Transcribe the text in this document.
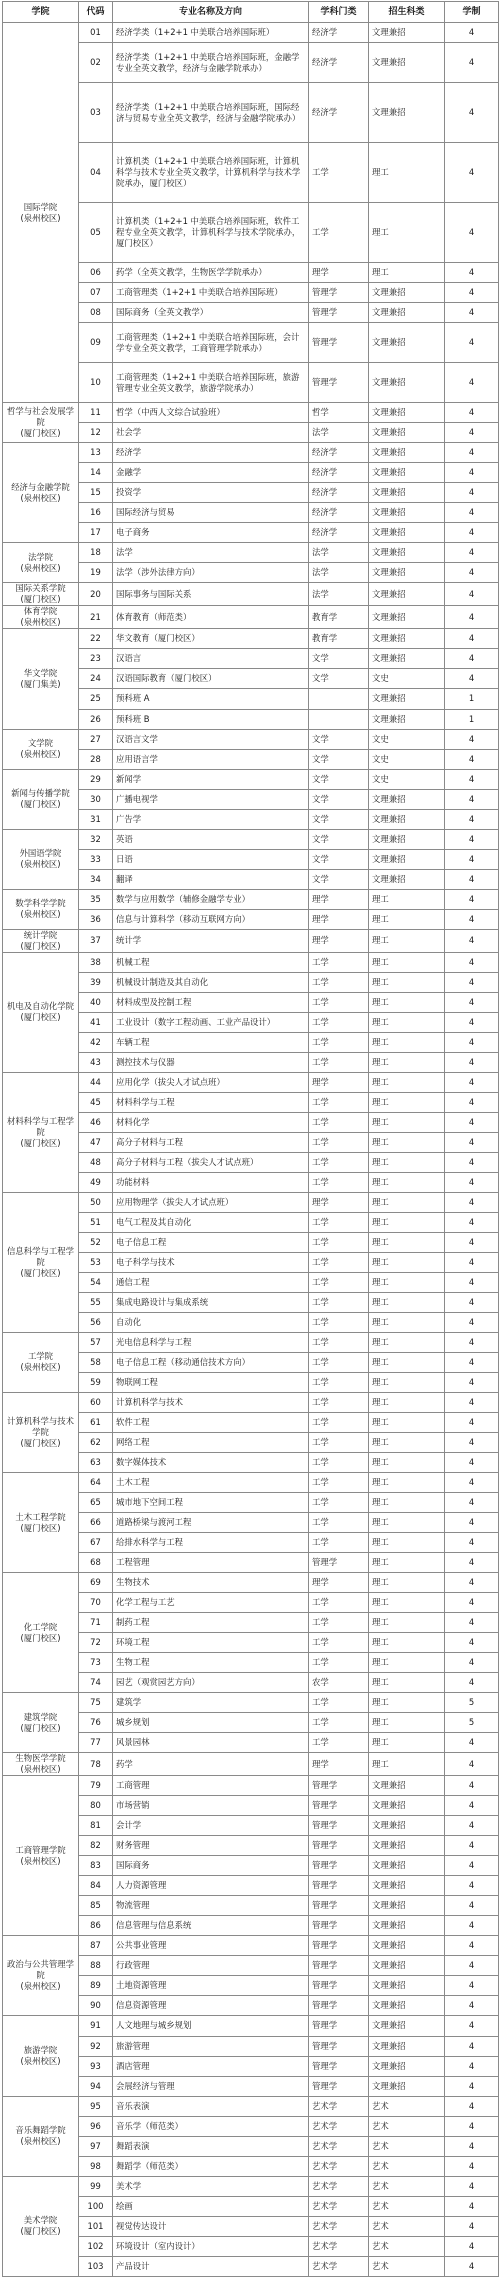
学院	代码	专业名称及方向	学科门类	招生科类	学制
国际学院
(泉州校区)	01	经济学类（1+2+1 中美联合培养国际班）	经济学	文理兼招	4
	02	经济学类（1+2+1 中美联合培养国际班，金融学专业全英文教学，经济与金融学院承办）	经济学	文理兼招	4
	03	经济学类（1+2+1 中美联合培养国际班，国际经济与贸易专业全英文教学，经济与金融学院承办）	经济学	文理兼招	4
	04	计算机类（1+2+1 中美联合培养国际班，计算机科学与技术专业全英文教学，计算机科学与技术学院承办，厦门校区）	工学	理工	4
	05	计算机类（1+2+1 中美联合培养国际班，软件工程专业全英文教学，计算机科学与技术学院承办，厦门校区）	工学	理工	4
	06	药学（全英文教学，生物医学学院承办）	理学	理工	4
	07	工商管理类（1+2+1 中美联合培养国际班）	管理学	文理兼招	4
	08	国际商务（全英文教学）	管理学	文理兼招	4
	09	工商管理类（1+2+1 中美联合培养国际班，会计学专业全英文教学，工商管理学院承办）	管理学	文理兼招	4
	10	工商管理类（1+2+1 中美联合培养国际班，旅游管理专业全英文教学，旅游学院承办）	管理学	文理兼招	4
哲学与社会发展学院
(厦门校区)	11	哲学（中西人文综合试验班）	哲学	文理兼招	4
	12	社会学	法学	文理兼招	4
经济与金融学院
(泉州校区)	13	经济学	经济学	文理兼招	4
	14	金融学	经济学	文理兼招	4
	15	投资学	经济学	文理兼招	4
	16	国际经济与贸易	经济学	文理兼招	4
	17	电子商务	经济学	文理兼招	4
法学院
(泉州校区)	18	法学	法学	文理兼招	4
	19	法学（涉外法律方向）	法学	文理兼招	4
国际关系学院
(厦门校区)	20	国际事务与国际关系	法学	文理兼招	4
体育学院
(泉州校区)	21	体育教育（师范类）	教育学	文理兼招	4
华文学院
(厦门集美)	22	华文教育（厦门校区）	教育学	文理兼招	4
	23	汉语言	文学	文理兼招	4
	24	汉语国际教育（厦门校区）	文学	文史	4
	25	预科班 A		文理兼招	1
	26	预科班 B		文理兼招	1
文学院
(泉州校区)	27	汉语言文学	文学	文史	4
	28	应用语言学	文学	文史	4
新闻与传播学院
(厦门校区)	29	新闻学	文学	文史	4
	30	广播电视学	文学	文理兼招	4
	31	广告学	文学	文理兼招	4
外国语学院
(泉州校区)	32	英语	文学	文理兼招	4
	33	日语	文学	文理兼招	4
	34	翻译	文学	文理兼招	4
数学科学学院
(泉州校区)	35	数学与应用数学（辅修金融学专业）	理学	理工	4
	36	信息与计算科学（移动互联网方向）	理学	理工	4
统计学院
(厦门校区)	37	统计学	理学	理工	4
机电及自动化学院
(厦门校区)	38	机械工程	工学	理工	4
	39	机械设计制造及其自动化	工学	理工	4
	40	材料成型及控制工程	工学	理工	4
	41	工业设计（数字工程动画、工业产品设计）	工学	理工	4
	42	车辆工程	工学	理工	4
	43	测控技术与仪器	工学	理工	4
材料科学与工程学院
(厦门校区)	44	应用化学（拔尖人才试点班）	理学	理工	4
	45	材料科学与工程	工学	理工	4
	46	材料化学	工学	理工	4
	47	高分子材料与工程	工学	理工	4
	48	高分子材料与工程（拔尖人才试点班）	工学	理工	4
	49	功能材料	工学	理工	4
信息科学与工程学院
(厦门校区)	50	应用物理学（拔尖人才试点班）	理学	理工	4
	51	电气工程及其自动化	工学	理工	4
	52	电子信息工程	工学	理工	4
	53	电子科学与技术	工学	理工	4
	54	通信工程	工学	理工	4
	55	集成电路设计与集成系统	工学	理工	4
	56	自动化	工学	理工	4
工学院
(泉州校区)	57	光电信息科学与工程	工学	理工	4
	58	电子信息工程（移动通信技术方向）	工学	理工	4
	59	物联网工程	工学	理工	4
计算机科学与技术学院
(厦门校区)	60	计算机科学与技术	工学	理工	4
	61	软件工程	工学	理工	4
	62	网络工程	工学	理工	4
	63	数字媒体技术	工学	理工	4
土木工程学院
(厦门校区)	64	土木工程	工学	理工	4
	65	城市地下空间工程	工学	理工	4
	66	道路桥梁与渡河工程	工学	理工	4
	67	给排水科学与工程	工学	理工	4
	68	工程管理	管理学	理工	4
化工学院
(厦门校区)	69	生物技术	理学	理工	4
	70	化学工程与工艺	工学	理工	4
	71	制药工程	工学	理工	4
	72	环境工程	工学	理工	4
	73	生物工程	工学	理工	4
	74	园艺（观赏园艺方向）	农学	理工	4
建筑学院
(厦门校区)	75	建筑学	工学	理工	5
	76	城乡规划	工学	理工	5
	77	风景园林	工学	理工	4
生物医学学院
(泉州校区)	78	药学	理学	理工	4
工商管理学院
(泉州校区)	79	工商管理	管理学	文理兼招	4
	80	市场营销	管理学	文理兼招	4
	81	会计学	管理学	文理兼招	4
	82	财务管理	管理学	文理兼招	4
	83	国际商务	管理学	文理兼招	4
	84	人力资源管理	管理学	文理兼招	4
	85	物流管理	管理学	文理兼招	4
	86	信息管理与信息系统	管理学	文理兼招	4
政治与公共管理学院
(泉州校区)	87	公共事业管理	管理学	文理兼招	4
	88	行政管理	管理学	文理兼招	4
	89	土地资源管理	管理学	文理兼招	4
	90	信息资源管理	管理学	文理兼招	4
旅游学院
(泉州校区)	91	人文地理与城乡规划	管理学	文理兼招	4
	92	旅游管理	管理学	文理兼招	4
	93	酒店管理	管理学	文理兼招	4
	94	会展经济与管理	管理学	文理兼招	4
音乐舞蹈学院
(泉州校区)	95	音乐表演	艺术学	艺术	4
	96	音乐学（师范类）	艺术学	艺术	4
	97	舞蹈表演	艺术学	艺术	4
	98	舞蹈学（师范类）	艺术学	艺术	4
美术学院
(厦门校区)	99	美术学	艺术学	艺术	4
	100	绘画	艺术学	艺术	4
	101	视觉传达设计	艺术学	艺术	4
	102	环境设计（室内设计）	艺术学	艺术	4
	103	产品设计	艺术学	艺术	4
